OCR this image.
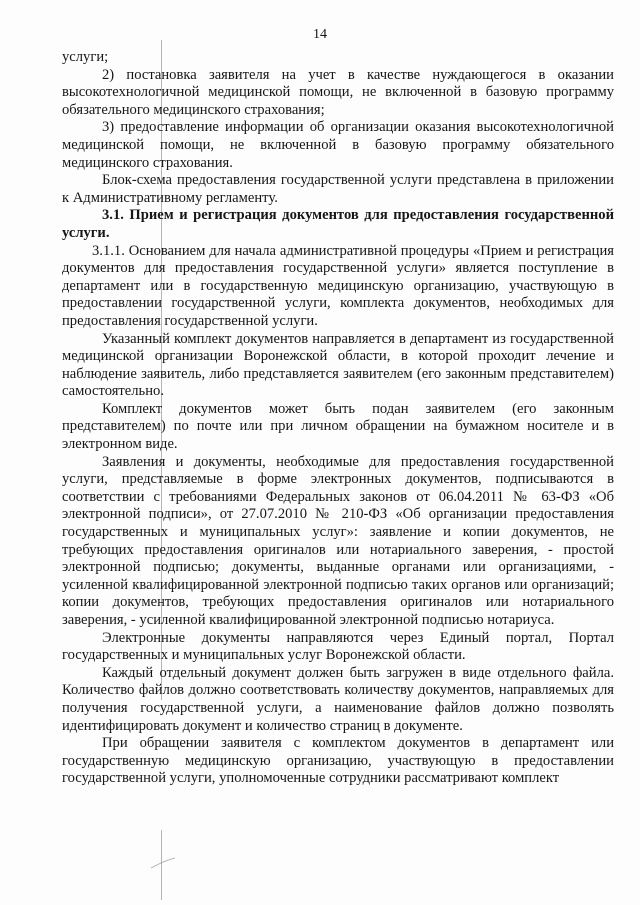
14

услуги;

2) постановка заявителя на учет в качестве нуждающегося в оказании высокотехнологичной медицинской помощи, не включенной в базовую программу обязательного медицинского страхования;

3) предоставление информации об организации оказания высокотехнологичной медицинской помощи, не включенной в базовую программу обязательного медицинского страхования.

Блок-схема предоставления государственной услуги представлена в приложении к Административному регламенту.

3.1. Прием и регистрация документов для предоставления государственной услуги.

3.1.1. Основанием для начала административной процедуры «Прием и регистрация документов для предоставления государственной услуги» является поступление в департамент или в государственную медицинскую организацию, участвующую в предоставлении государственной услуги, комплекта документов, необходимых для предоставления государственной услуги.

Указанный комплект документов направляется в департамент из государственной медицинской организации Воронежской области, в которой проходит лечение и наблюдение заявитель, либо представляется заявителем (его законным представителем) самостоятельно.

Комплект документов может быть подан заявителем (его законным представителем) по почте или при личном обращении на бумажном носителе и в электронном виде.

Заявления и документы, необходимые для предоставления государственной услуги, представляемые в форме электронных документов, подписываются в соответствии с требованиями Федеральных законов от 06.04.2011 № 63-ФЗ «Об электронной подписи», от 27.07.2010 № 210-ФЗ «Об организации предоставления государственных и муниципальных услуг»: заявление и копии документов, не требующих предоставления оригиналов или нотариального заверения, - простой электронной подписью; документы, выданные органами или организациями, - усиленной квалифицированной электронной подписью таких органов или организаций; копии документов, требующих предоставления оригиналов или нотариального заверения, - усиленной квалифицированной электронной подписью нотариуса.

Электронные документы направляются через Единый портал, Портал государственных и муниципальных услуг Воронежской области.

Каждый отдельный документ должен быть загружен в виде отдельного файла. Количество файлов должно соответствовать количеству документов, направляемых для получения государственной услуги, а наименование файлов должно позволять идентифицировать документ и количество страниц в документе.

При обращении заявителя с комплектом документов в департамент или государственную медицинскую организацию, участвующую в предоставлении государственной услуги, уполномоченные сотрудники рассматривают комплект
